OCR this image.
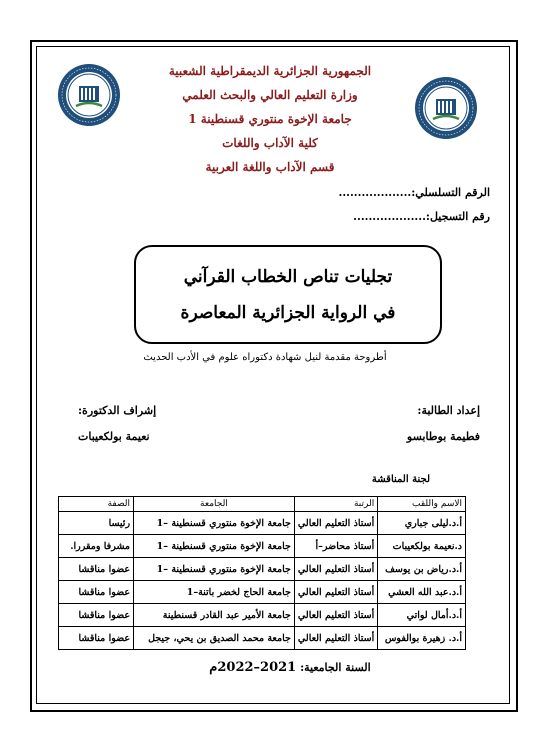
الجمهورية الجزائرية الديمقراطية الشعبية
وزارة التعليم العالي والبحث العلمي
جامعة الإخوة منتوري قسنطينة 1
كلية الآداب واللغات
قسم الآداب واللغة العربية
الرقم التسلسلي:...................
رقم التسجيل:...................
تجليات تناص الخطاب القرآني
في الرواية الجزائرية المعاصرة
أطروحة مقدمة لنيل شهادة دكتوراه علوم في الأدب الحديث
إعداد الطالبة:
فطيمة بوطابسو
إشراف الدكتورة:
نعيمة بولكعيبات
لجنة المناقشة
الاسم واللقب	الرتبة	الجامعة	الصفة
أ.د.ليلى جباري	أستاذ التعليم العالي	جامعة الإخوة منتوري قسنطينة –1	رئيسا
د.نعيمة بولكعيبات	أستاذ محاضر–أ	جامعة الإخوة منتوري قسنطينة –1	مشرفا ومقررا.
أ.د.رياض بن يوسف	أستاذ التعليم العالي	جامعة الإخوة منتوري قسنطينة –1	عضوا مناقشا
أ.د.عبد الله العشي	أستاذ التعليم العالي	جامعة الحاج لخضر باتنة–1	عضوا مناقشا
أ.د.أمال لواتي	أستاذ التعليم العالي	جامعة الأمير عبد القادر قسنطينة	عضوا مناقشا
أ.د. زهيرة بوالفوس	أستاذ التعليم العالي	جامعة محمد الصديق بن يحي، جيجل	عضوا مناقشا
السنة الجامعية: 2021–2022م
